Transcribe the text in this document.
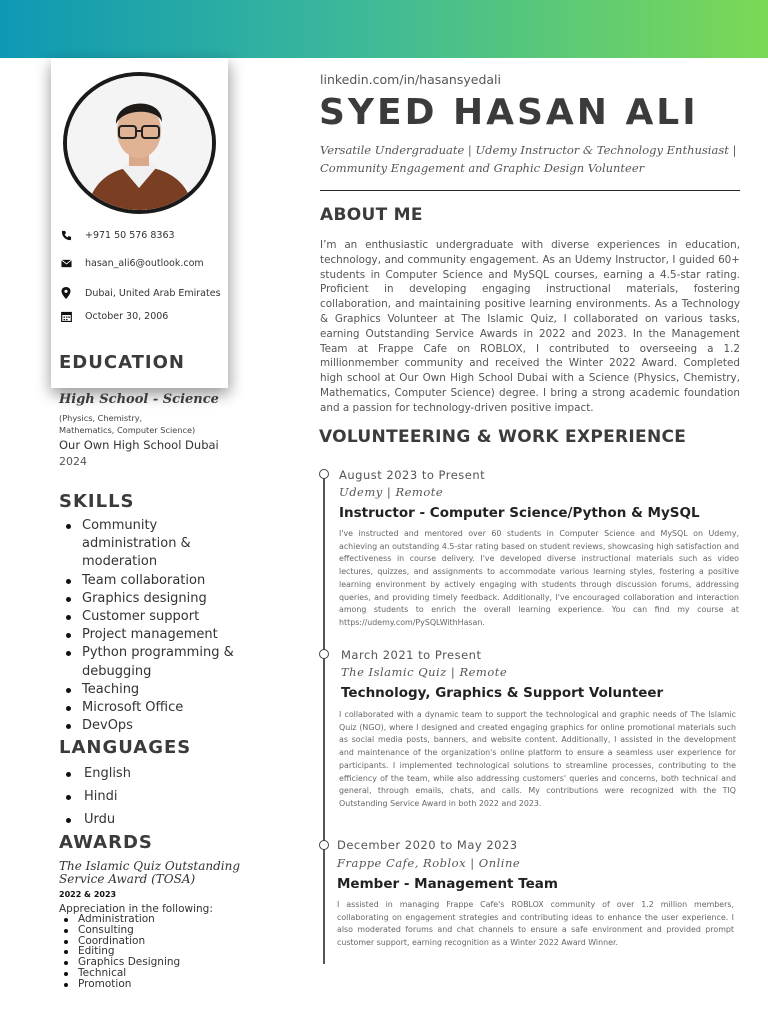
+971 50 576 8363
hasan_ali6@outlook.com
Dubai, United Arab Emirates
October 30, 2006
EDUCATION
High School - Science
(Physics, Chemistry,
Mathematics, Computer Science)
Our Own High School Dubai
2024
SKILLS
Community
administration &
moderation
Team collaboration
Graphics designing
Customer support
Project management
Python programming &
debugging
Teaching
Microsoft Office
DevOps
LANGUAGES
English
Hindi
Urdu
AWARDS
The Islamic Quiz Outstanding
Service Award (TOSA)
2022 & 2023
Appreciation in the following:
Administration
Consulting
Coordination
Editing
Graphics Designing
Technical
Promotion
linkedin.com/in/hasansyedali
SYED HASAN ALI
Versatile Undergraduate | Udemy Instructor & Technology Enthusiast | Community Engagement and Graphic Design Volunteer
ABOUT ME
I’m an enthusiastic undergraduate with diverse experiences in education, technology, and community engagement. As an Udemy Instructor, I guided 60+ students in Computer Science and MySQL courses, earning a 4.5-star rating. Proficient in developing engaging instructional materials, fostering collaboration, and maintaining positive learning environments. As a Technology & Graphics Volunteer at The Islamic Quiz, I collaborated on various tasks, earning Outstanding Service Awards in 2022 and 2023. In the Management Team at Frappe Cafe on ROBLOX, I contributed to overseeing a 1.2 millionmember community and received the Winter 2022 Award. Completed high school at Our Own High School Dubai with a Science (Physics, Chemistry, Mathematics, Computer Science) degree. I bring a strong academic foundation and a passion for technology-driven positive impact.
VOLUNTEERING & WORK EXPERIENCE
August 2023 to Present
Udemy | Remote
Instructor - Computer Science/Python & MySQL
I've instructed and mentored over 60 students in Computer Science and MySQL on Udemy, achieving an outstanding 4.5-star rating based on student reviews, showcasing high satisfaction and effectiveness in course delivery. I've developed diverse instructional materials such as video lectures, quizzes, and assignments to accommodate various learning styles, fostering a positive learning environment by actively engaging with students through discussion forums, addressing queries, and providing timely feedback. Additionally, I've encouraged collaboration and interaction among students to enrich the overall learning experience. You can find my course at https://udemy.com/PySQLWithHasan.
March 2021 to Present
The Islamic Quiz | Remote
Technology, Graphics & Support Volunteer
I collaborated with a dynamic team to support the technological and graphic needs of The Islamic Quiz (NGO), where I designed and created engaging graphics for online promotional materials such as social media posts, banners, and website content. Additionally, I assisted in the development and maintenance of the organization's online platform to ensure a seamless user experience for participants. I implemented technological solutions to streamline processes, contributing to the efficiency of the team, while also addressing customers' queries and concerns, both technical and general, through emails, chats, and calls. My contributions were recognized with the TIQ Outstanding Service Award in both 2022 and 2023.
December 2020 to May 2023
Frappe Cafe, Roblox | Online
Member - Management Team
I assisted in managing Frappe Cafe's ROBLOX community of over 1.2 million members, collaborating on engagement strategies and contributing ideas to enhance the user experience. I also moderated forums and chat channels to ensure a safe environment and provided prompt customer support, earning recognition as a Winter 2022 Award Winner.
